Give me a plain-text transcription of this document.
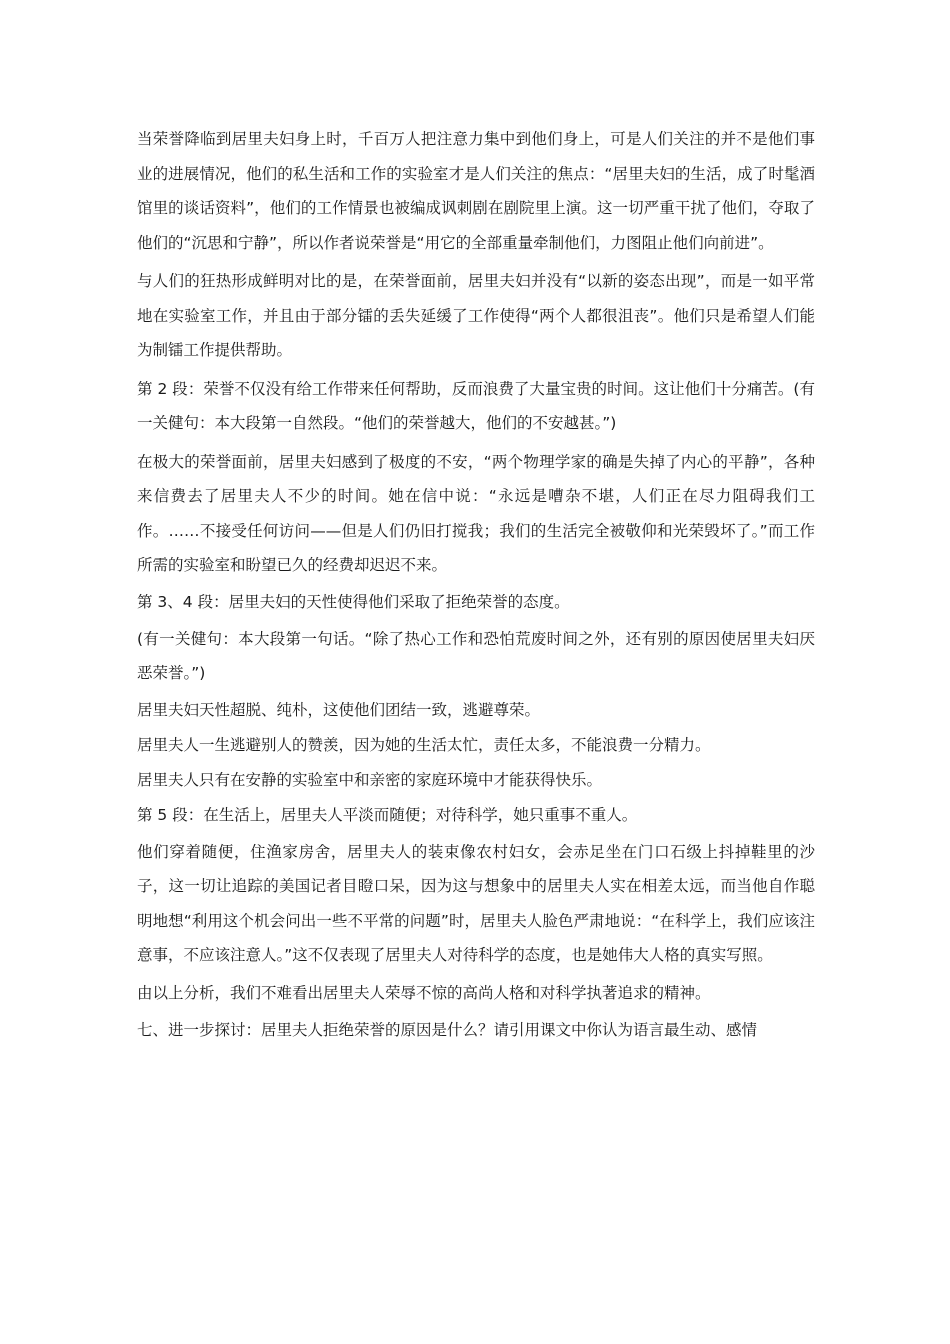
当荣誉降临到居里夫妇身上时，千百万人把注意力集中到他们身上，可是人们关注的并不是他们事业的进展情况，他们的私生活和工作的实验室才是人们关注的焦点：“居里夫妇的生活，成了时髦酒馆里的谈话资料”，他们的工作情景也被编成讽刺剧在剧院里上演。这一切严重干扰了他们，夺取了他们的“沉思和宁静”，所以作者说荣誉是“用它的全部重量牵制他们，力图阻止他们向前进”。

与人们的狂热形成鲜明对比的是，在荣誉面前，居里夫妇并没有“以新的姿态出现”，而是一如平常地在实验室工作，并且由于部分镭的丢失延缓了工作使得“两个人都很沮丧”。他们只是希望人们能为制镭工作提供帮助。

第 2 段：荣誉不仅没有给工作带来任何帮助，反而浪费了大量宝贵的时间。这让他们十分痛苦。(有一关健句：本大段第一自然段。“他们的荣誉越大，他们的不安越甚。”)

在极大的荣誉面前，居里夫妇感到了极度的不安，“两个物理学家的确是失掉了内心的平静”，各种来信费去了居里夫人不少的时间。她在信中说：“永远是嘈杂不堪，人们正在尽力阻碍我们工作。……不接受任何访问——但是人们仍旧打搅我；我们的生活完全被敬仰和光荣毁坏了。”而工作所需的实验室和盼望已久的经费却迟迟不来。

第 3、4 段：居里夫妇的天性使得他们采取了拒绝荣誉的态度。

(有一关健句：本大段第一句话。“除了热心工作和恐怕荒废时间之外，还有别的原因使居里夫妇厌恶荣誉。”)

居里夫妇天性超脱、纯朴，这使他们团结一致，逃避尊荣。

居里夫人一生逃避别人的赞羡，因为她的生活太忙，责任太多，不能浪费一分精力。

居里夫人只有在安静的实验室中和亲密的家庭环境中才能获得快乐。

第 5 段：在生活上，居里夫人平淡而随便；对待科学，她只重事不重人。

他们穿着随便，住渔家房舍，居里夫人的装束像农村妇女，会赤足坐在门口石级上抖掉鞋里的沙子，这一切让追踪的美国记者目瞪口呆，因为这与想象中的居里夫人实在相差太远，而当他自作聪明地想“利用这个机会问出一些不平常的问题”时，居里夫人脸色严肃地说：“在科学上，我们应该注意事，不应该注意人。”这不仅表现了居里夫人对待科学的态度，也是她伟大人格的真实写照。

由以上分析，我们不难看出居里夫人荣辱不惊的高尚人格和对科学执著追求的精神。

七、进一步探讨：居里夫人拒绝荣誉的原因是什么？请引用课文中你认为语言最生动、感情
